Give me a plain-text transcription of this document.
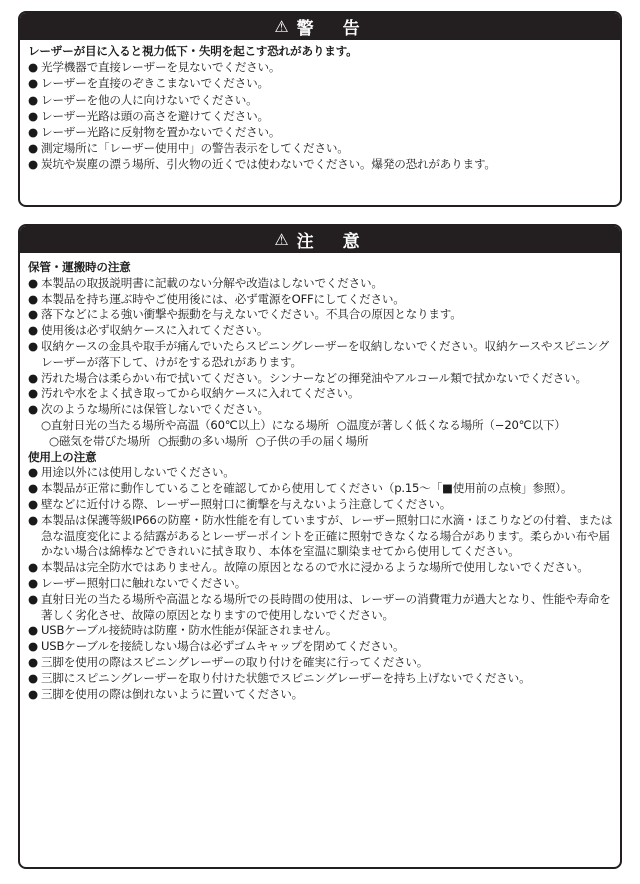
⚠ 警　告
レーザーが目に入ると視力低下・失明を起こす恐れがあります。
● 光学機器で直接レーザーを見ないでください。
● レーザーを直接のぞきこまないでください。
● レーザーを他の人に向けないでください。
● レーザー光路は頭の高さを避けてください。
● レーザー光路に反射物を置かないでください。
● 測定場所に「レーザー使用中」の警告表示をしてください。
● 炭坑や炭塵の漂う場所、引火物の近くでは使わないでください。爆発の恐れがあります。
⚠ 注　意
保管・運搬時の注意
● 本製品の取扱説明書に記載のない分解や改造はしないでください。
● 本製品を持ち運ぶ時やご使用後には、必ず電源をOFFにしてください。
● 落下などによる強い衝撃や振動を与えないでください。不具合の原因となります。
● 使用後は必ず収納ケースに入れてください。
● 収納ケースの金具や取手が痛んでいたらスピニングレーザーを収納しないでください。収納ケースやスピニングレーザーが落下して、けがをする恐れがあります。
● 汚れた場合は柔らかい布で拭いてください。シンナーなどの揮発油やアルコール類で拭かないでください。
● 汚れや水をよく拭き取ってから収納ケースに入れてください。
● 次のような場所には保管しないでください。
○直射日光の当たる場所や高温（60℃以上）になる場所 ○温度が著しく低くなる場所（−20℃以下）○磁気を帯びた場所 ○振動の多い場所 ○子供の手の届く場所
使用上の注意
● 用途以外には使用しないでください。
● 本製品が正常に動作していることを確認してから使用してください（p.15〜「■使用前の点検」参照）。
● 壁などに近付ける際、レーザー照射口に衝撃を与えないよう注意してください。
● 本製品は保護等級IP66の防塵・防水性能を有していますが、レーザー照射口に水滴・ほこりなどの付着、または急な温度変化による結露があるとレーザーポイントを正確に照射できなくなる場合があります。柔らかい布や届かない場合は綿棒などできれいに拭き取り、本体を室温に馴染ませてから使用してください。
● 本製品は完全防水ではありません。故障の原因となるので水に浸かるような場所で使用しないでください。
● レーザー照射口に触れないでください。
● 直射日光の当たる場所や高温となる場所での長時間の使用は、レーザーの消費電力が過大となり、性能や寿命を著しく劣化させ、故障の原因となりますので使用しないでください。
● USBケーブル接続時は防塵・防水性能が保証されません。
● USBケーブルを接続しない場合は必ずゴムキャップを閉めてください。
● 三脚を使用の際はスピニングレーザーの取り付けを確実に行ってください。
● 三脚にスピニングレーザーを取り付けた状態でスピニングレーザーを持ち上げないでください。
● 三脚を使用の際は倒れないように置いてください。
